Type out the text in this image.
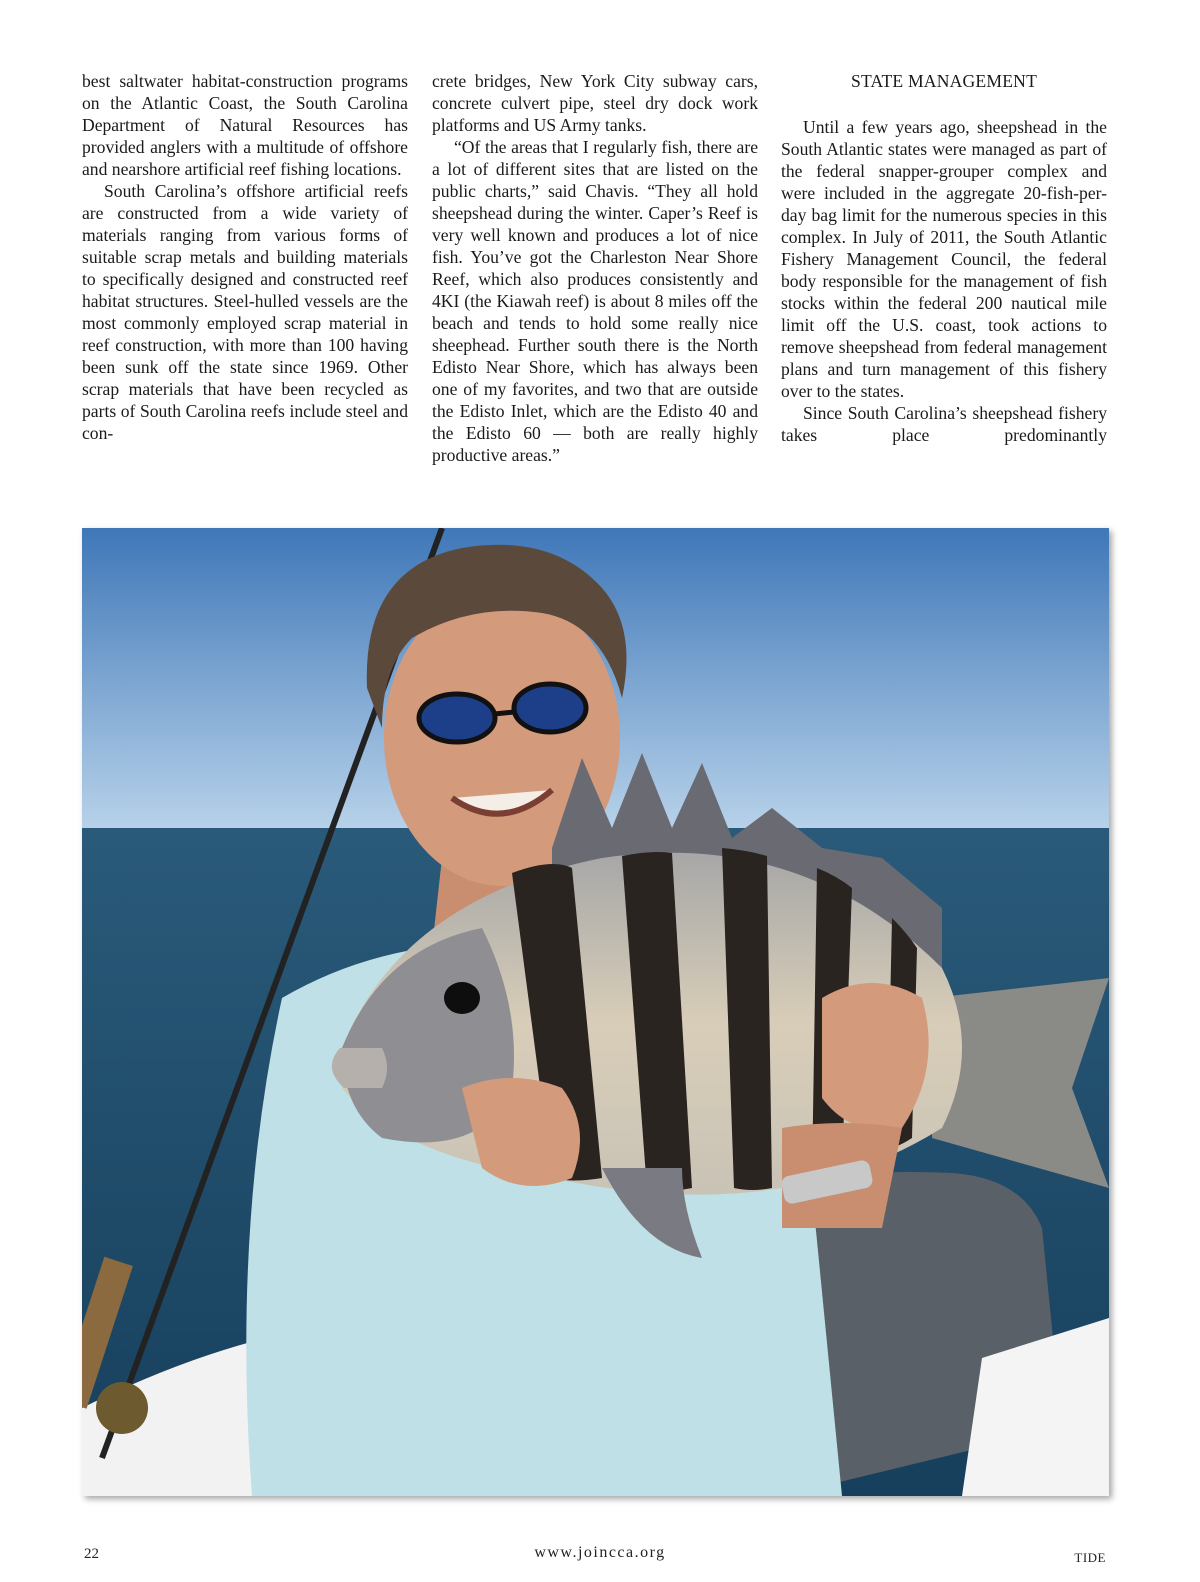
best saltwater habitat-construction programs on the Atlantic Coast, the South Carolina Department of Natural Resources has provided anglers with a multitude of offshore and nearshore artificial reef fishing locations.

South Carolina’s offshore artificial reefs are constructed from a wide variety of materials ranging from various forms of suitable scrap metals and building materials to specifically designed and constructed reef habitat structures. Steel-hulled vessels are the most commonly employed scrap material in reef construction, with more than 100 having been sunk off the state since 1969. Other scrap materials that have been recycled as parts of South Carolina reefs include steel and con-

crete bridges, New York City subway cars, concrete culvert pipe, steel dry dock work platforms and US Army tanks.

“Of the areas that I regularly fish, there are a lot of different sites that are listed on the public charts,” said Chavis. “They all hold sheepshead during the winter. Caper’s Reef is very well known and produces a lot of nice fish. You’ve got the Charleston Near Shore Reef, which also produces consistently and 4KI (the Kiawah reef) is about 8 miles off the beach and tends to hold some really nice sheephead. Further south there is the North Edisto Near Shore, which has always been one of my favorites, and two that are outside the Edisto Inlet, which are the Edisto 40 and the Edisto 60 — both are really highly productive areas.”

STATE MANAGEMENT

Until a few years ago, sheepshead in the South Atlantic states were managed as part of the federal snapper-grouper complex and were included in the aggregate 20-fish-per-day bag limit for the numerous species in this complex. In July of 2011, the South Atlantic Fishery Management Council, the federal body responsible for the management of fish stocks within the federal 200 nautical mile limit off the U.S. coast, took actions to remove sheepshead from federal management plans and turn management of this fishery over to the states.

Since South Carolina’s sheepshead fishery takes place predominantly

22	www.joincca.org	TIDE
